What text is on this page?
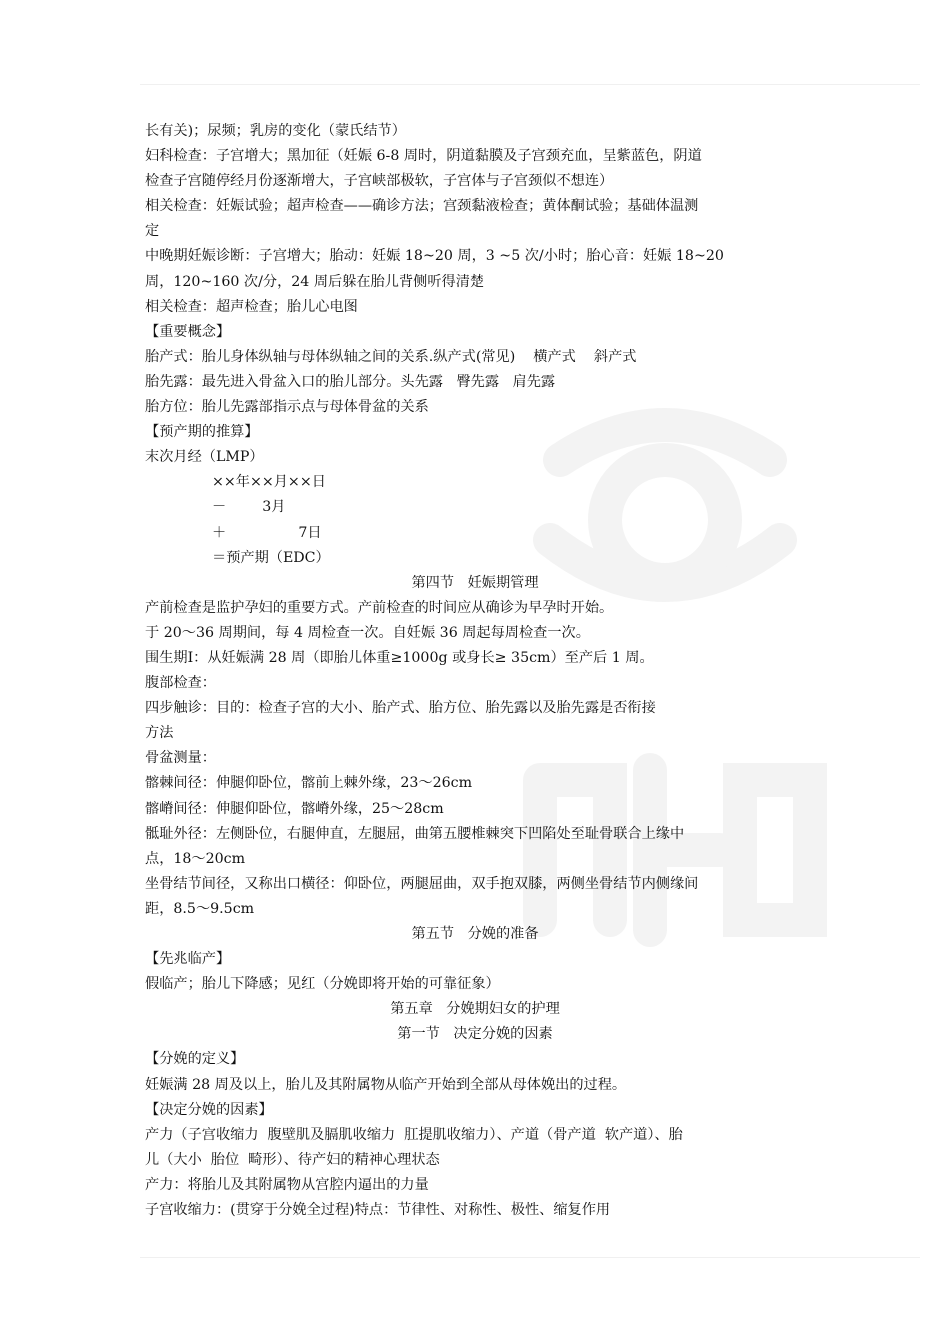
长有关)；尿频；乳房的变化（蒙氏结节）
妇科检查：子宫增大；黑加征（妊娠 6-8 周时，阴道黏膜及子宫颈充血，呈紫蓝色，阴道
检查子宫随停经月份逐渐增大，子宫峡部极软，子宫体与子宫颈似不想连）
相关检查：妊娠试验；超声检查——确诊方法；宫颈黏液检查；黄体酮试验；基础体温测
定
中晚期妊娠诊断：子宫增大；胎动：妊娠 18~20 周，3 ~5 次/小时；胎心音：妊娠 18~20
周，120~160 次/分，24 周后躲在胎儿背侧听得清楚
相关检查：超声检查；胎儿心电图
【重要概念】
胎产式：胎儿身体纵轴与母体纵轴之间的关系.纵产式(常见)    横产式    斜产式
胎先露：最先进入骨盆入口的胎儿部分。头先露   臀先露   肩先露
胎方位：胎儿先露部指示点与母体骨盆的关系
【预产期的推算】
末次月经（LMP）
××年××月××日
－        3月
＋                7日
＝预产期（EDC）
第四节   妊娠期管理
产前检查是监护孕妇的重要方式。产前检查的时间应从确诊为早孕时开始。
于 20～36 周期间，每 4 周检查一次。自妊娠 36 周起每周检查一次。
围生期Ⅰ：从妊娠满 28 周（即胎儿体重≥1000g 或身长≥ 35cm）至产后 1 周。
腹部检查：
四步触诊：目的：检查子宫的大小、胎产式、胎方位、胎先露以及胎先露是否衔接
方法
骨盆测量：
髂棘间径：伸腿仰卧位，髂前上棘外缘，23～26cm
髂嵴间径：伸腿仰卧位，髂嵴外缘，25～28cm
骶耻外径：左侧卧位，右腿伸直，左腿屈，曲第五腰椎棘突下凹陷处至耻骨联合上缘中
点，18～20cm
坐骨结节间径，又称出口横径：仰卧位，两腿屈曲，双手抱双膝，两侧坐骨结节内侧缘间
距，8.5～9.5cm
第五节   分娩的准备
【先兆临产】
假临产；胎儿下降感；见红（分娩即将开始的可靠征象）
第五章   分娩期妇女的护理
第一节   决定分娩的因素
【分娩的定义】
妊娠满 28 周及以上，胎儿及其附属物从临产开始到全部从母体娩出的过程。
【决定分娩的因素】
产力（子宫收缩力  腹壁肌及膈肌收缩力  肛提肌收缩力）、产道（骨产道  软产道）、胎
儿（大小  胎位  畸形）、待产妇的精神心理状态
产力：将胎儿及其附属物从宫腔内逼出的力量
子宫收缩力：(贯穿于分娩全过程)特点：节律性、对称性、极性、缩复作用
